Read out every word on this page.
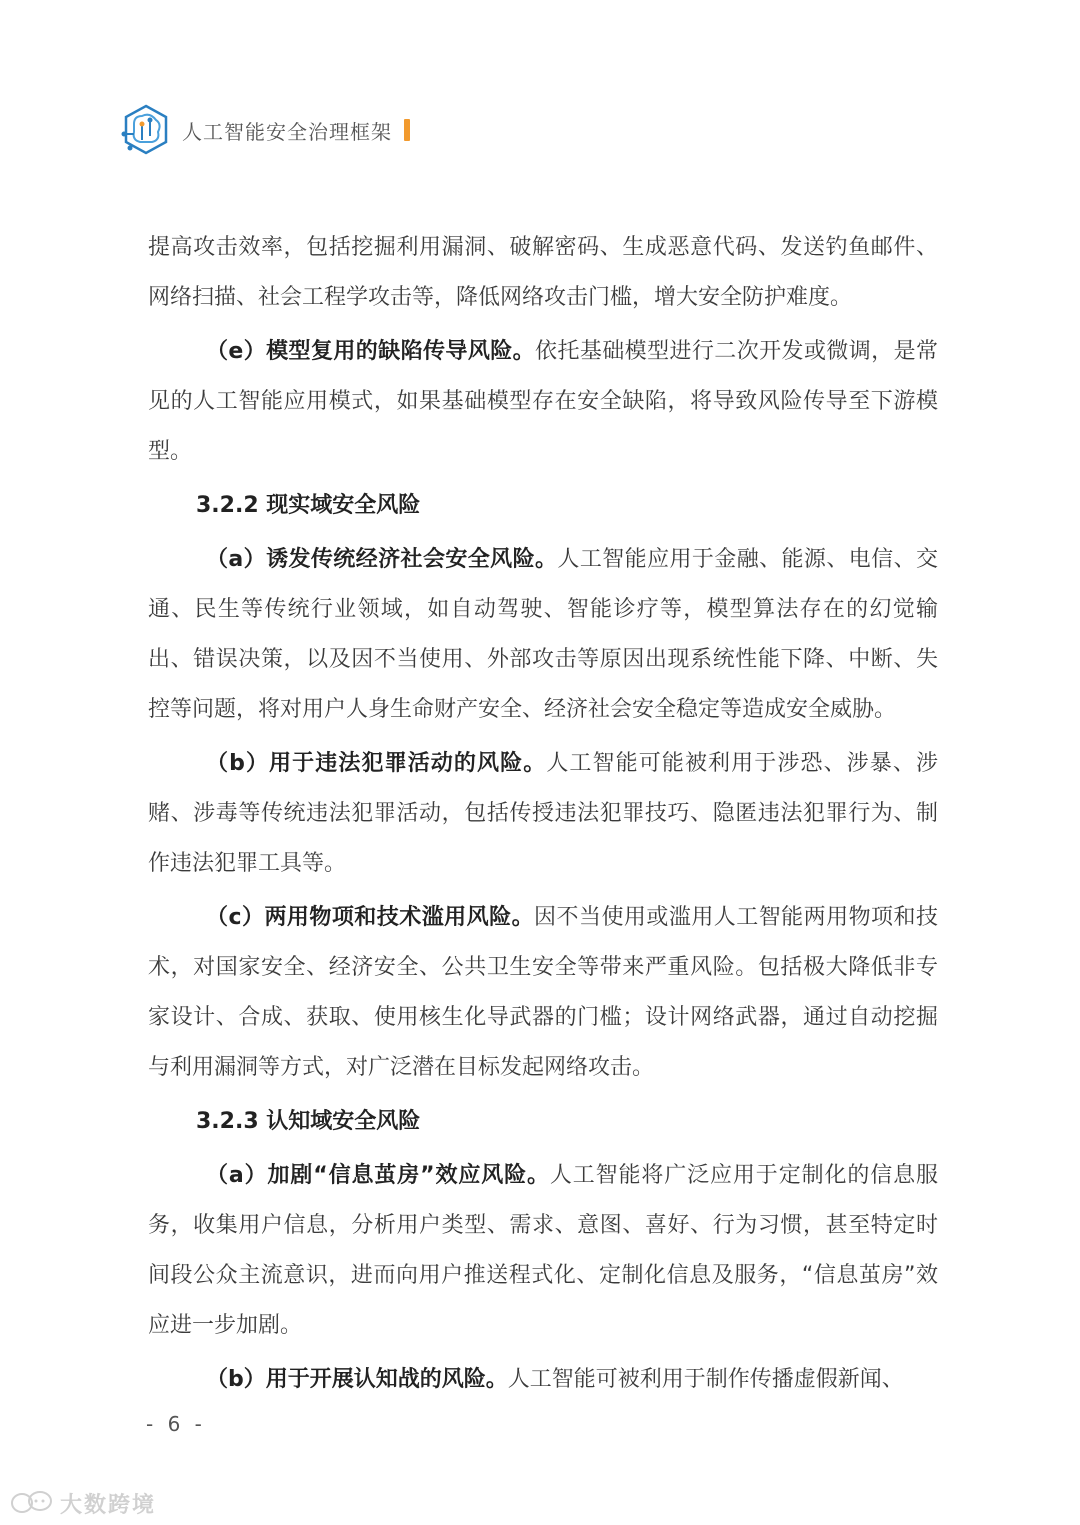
人工智能安全治理框架

提高攻击效率，包括挖掘利用漏洞、破解密码、生成恶意代码、发送钓鱼邮件、网络扫描、社会工程学攻击等，降低网络攻击门槛，增大安全防护难度。

（e）模型复用的缺陷传导风险。依托基础模型进行二次开发或微调，是常见的人工智能应用模式，如果基础模型存在安全缺陷，将导致风险传导至下游模型。

3.2.2 现实域安全风险

（a）诱发传统经济社会安全风险。人工智能应用于金融、能源、电信、交通、民生等传统行业领域，如自动驾驶、智能诊疗等，模型算法存在的幻觉输出、错误决策，以及因不当使用、外部攻击等原因出现系统性能下降、中断、失控等问题，将对用户人身生命财产安全、经济社会安全稳定等造成安全威胁。

（b）用于违法犯罪活动的风险。人工智能可能被利用于涉恐、涉暴、涉赌、涉毒等传统违法犯罪活动，包括传授违法犯罪技巧、隐匿违法犯罪行为、制作违法犯罪工具等。

（c）两用物项和技术滥用风险。因不当使用或滥用人工智能两用物项和技术，对国家安全、经济安全、公共卫生安全等带来严重风险。包括极大降低非专家设计、合成、获取、使用核生化导武器的门槛；设计网络武器，通过自动挖掘与利用漏洞等方式，对广泛潜在目标发起网络攻击。

3.2.3 认知域安全风险

（a）加剧“信息茧房”效应风险。人工智能将广泛应用于定制化的信息服务，收集用户信息，分析用户类型、需求、意图、喜好、行为习惯，甚至特定时间段公众主流意识，进而向用户推送程式化、定制化信息及服务，“信息茧房”效应进一步加剧。

（b）用于开展认知战的风险。人工智能可被利用于制作传播虚假新闻、

- 6 -
大数跨境
